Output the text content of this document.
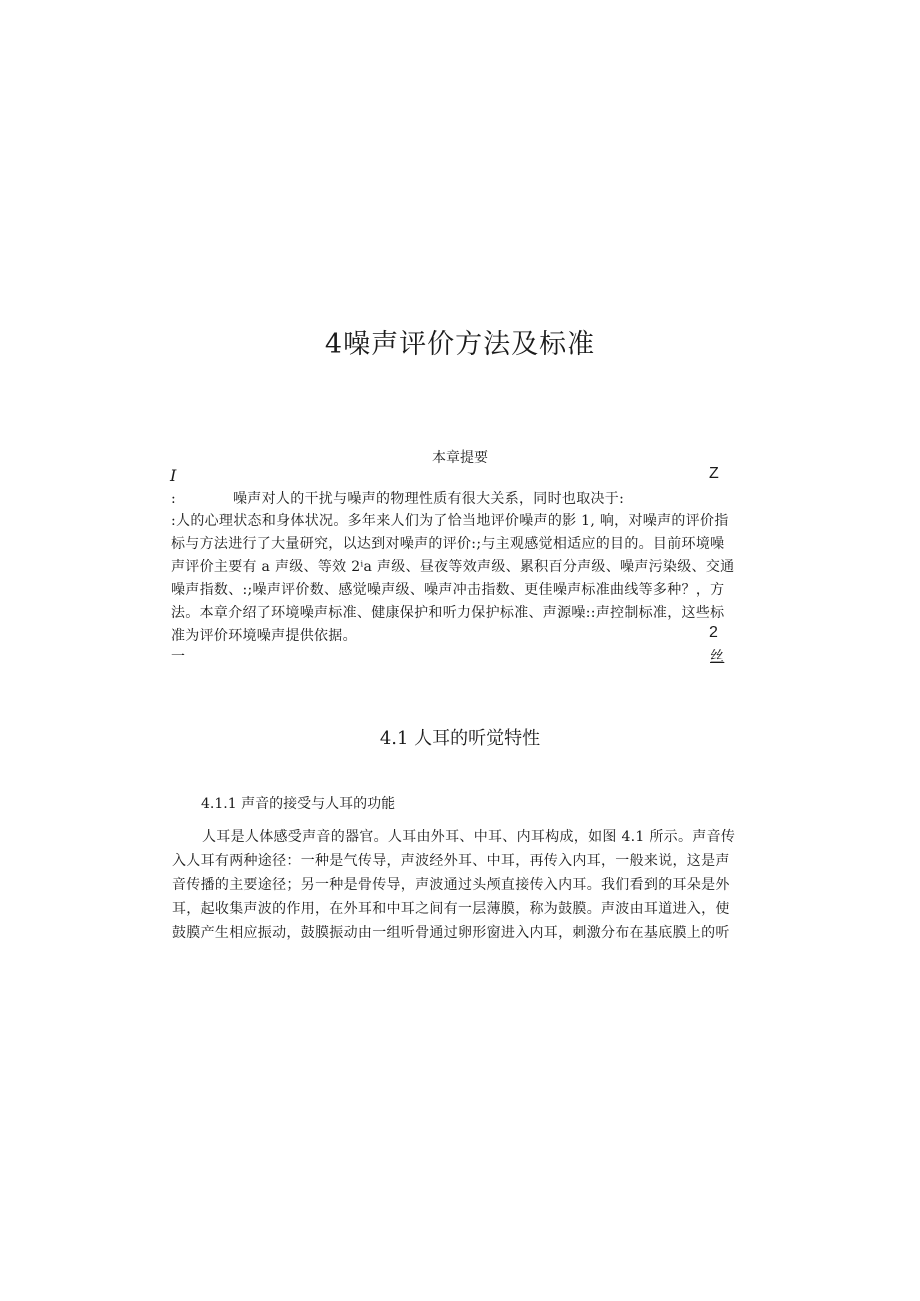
4噪声评价方法及标准
本章提要
I	Z
:	噪声对人的干扰与噪声的物理性质有很大关系，同时也取决于:
:人的心理状态和身体状况。多年来人们为了恰当地评价噪声的影 1, 响，对噪声的评价指
标与方法进行了大量研究，以达到对噪声的评价:;与主观感觉相适应的目的。目前环境噪
声评价主要有 a 声级、等效 2ⁱa 声级、昼夜等效声级、累积百分声级、噪声污染级、交通
噪声指数、:;噪声评价数、感觉噪声级、噪声冲击指数、更佳噪声标准曲线等多种？，方
法。本章介绍了环境噪声标准、健康保护和听力保护标准、声源噪::声控制标准，这些标
准为评价环境噪声提供依据。	2
一	丝
4.1 人耳的听觉特性
4.1.1 声音的接受与人耳的功能
人耳是人体感受声音的器官。人耳由外耳、中耳、内耳构成，如图 4.1 所示。声音传
入人耳有两种途径：一种是气传导，声波经外耳、中耳，再传入内耳，一般来说，这是声
音传播的主要途径；另一种是骨传导，声波通过头颅直接传入内耳。我们看到的耳朵是外
耳，起收集声波的作用，在外耳和中耳之间有一层薄膜，称为鼓膜。声波由耳道进入，使
鼓膜产生相应振动，鼓膜振动由一组听骨通过卵形窗进入内耳，刺激分布在基底膜上的听
